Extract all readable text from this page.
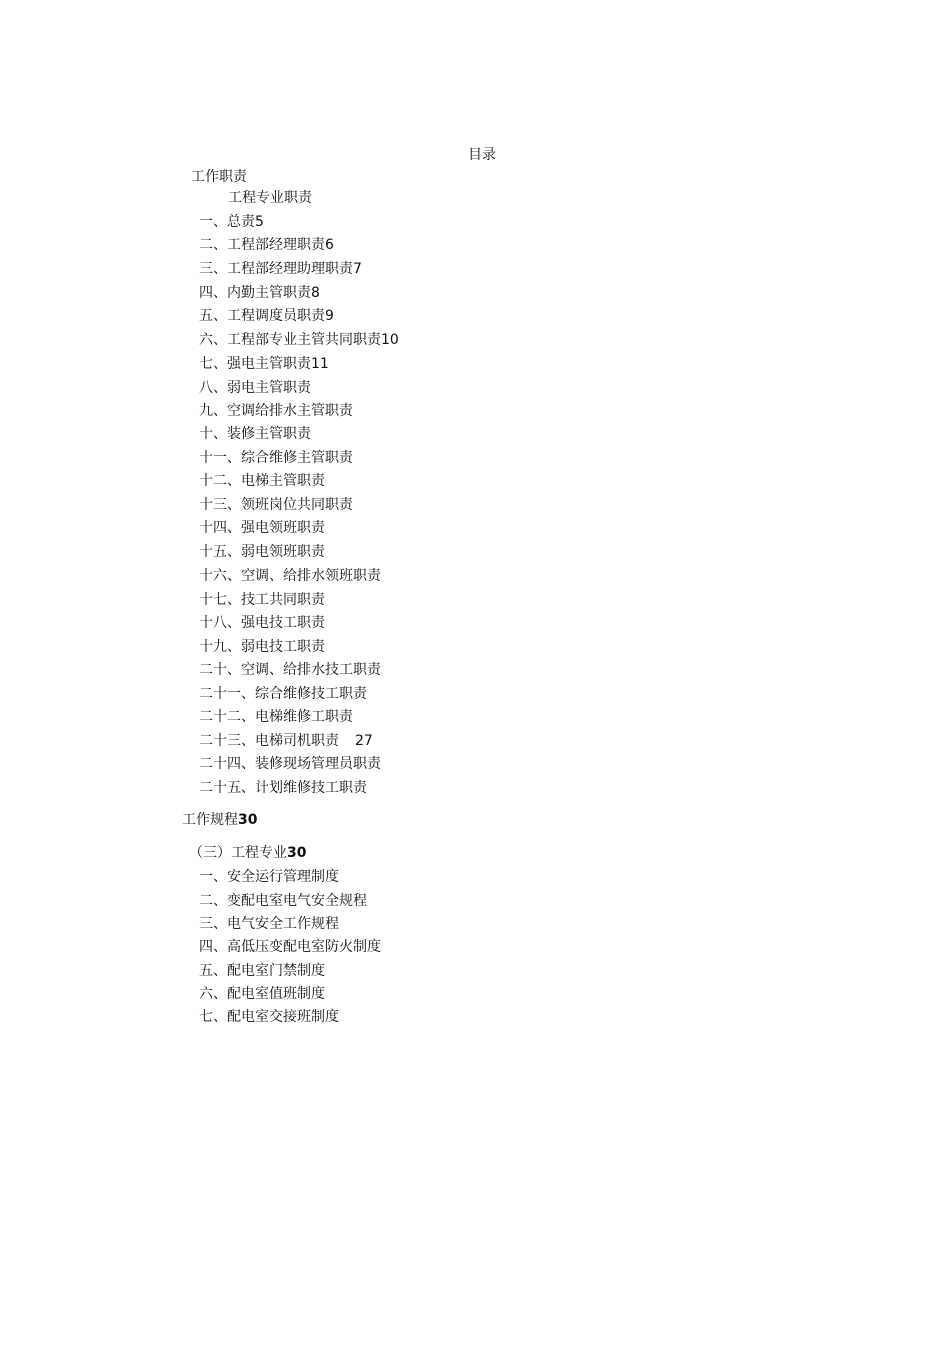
目录
工作职责
工程专业职责
一、总责5
二、工程部经理职责6
三、工程部经理助理职责7
四、内勤主管职责8
五、工程调度员职责9
六、工程部专业主管共同职责10
七、强电主管职责11
八、弱电主管职责
九、空调给排水主管职责
十、装修主管职责
十一、综合维修主管职责
十二、电梯主管职责
十三、领班岗位共同职责
十四、强电领班职责
十五、弱电领班职责
十六、空调、给排水领班职责
十七、技工共同职责
十八、强电技工职责
十九、弱电技工职责
二十、空调、给排水技工职责
二十一、综合维修技工职责
二十二、电梯维修工职责
二十三、电梯司机职责 27
二十四、装修现场管理员职责
二十五、计划维修技工职责
工作规程30
（三）工程专业30
一、安全运行管理制度
二、变配电室电气安全规程
三、电气安全工作规程
四、高低压变配电室防火制度
五、配电室门禁制度
六、配电室值班制度
七、配电室交接班制度
